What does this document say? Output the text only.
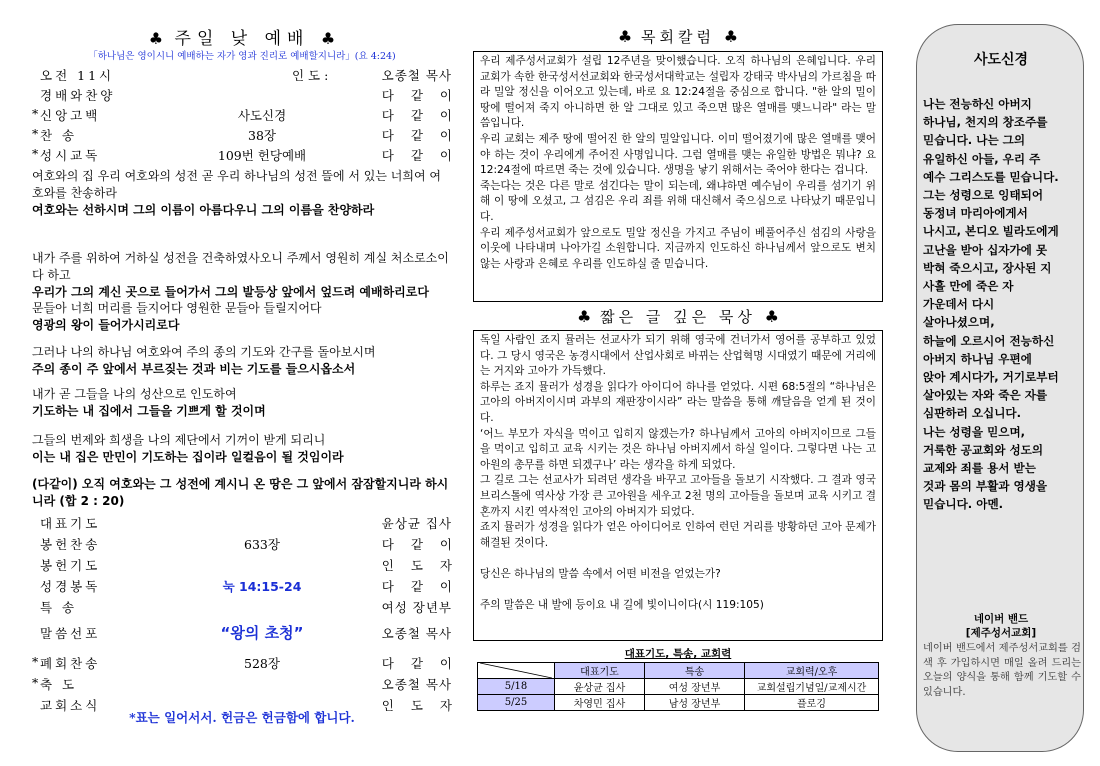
♣ 주일 낮 예배 ♣
「하나님은 영이시니 예배하는 자가 영과 진리로 예배할지니라」(요 4:24)
오전 11시	인 도 :	오종철 목사
경배와찬양	다같이
* 신앙고백	사도신경	다같이
* 찬 송	38장	다같이
* 성시교독	109번 헌당예배	다같이
여호와의 집 우리 여호와의 성전 곧 우리 하나님의 성전 뜰에 서 있는 너희여 여호와를 찬송하라
여호와는 선하시며 그의 이름이 아름다우니 그의 이름을 찬양하라
내가 주를 위하여 거하실 성전을 건축하였사오니 주께서 영원히 계실 처소로소이다 하고
우리가 그의 계신 곳으로 들어가서 그의 발등상 앞에서 엎드려 예배하리로다
문들아 너희 머리를 들지어다 영원한 문들아 들릴지어다
영광의 왕이 들어가시리로다
그러나 나의 하나님 여호와여 주의 종의 기도와 간구를 돌아보시며
주의 종이 주 앞에서 부르짖는 것과 비는 기도를 들으시옵소서
내가 곧 그들을 나의 성산으로 인도하여
기도하는 내 집에서 그들을 기쁘게 할 것이며
그들의 번제와 희생을 나의 제단에서 기꺼이 받게 되리니
이는 내 집은 만민이 기도하는 집이라 일컬음이 될 것임이라
(다같이) 오직 여호와는 그 성전에 계시니 온 땅은 그 앞에서 잠잠할지니라 하시니라 (합 2 : 20)
대표기도	윤상균 집사
봉헌찬송	633장	다같이
봉헌기도	인도자
성경봉독	눅 14:15-24	다같이
특 송	여성 장년부
말씀선포	“왕의 초청”	오종철 목사
* 폐회찬송	528장	다같이
* 축 도	오종철 목사
교회소식	인도자
*표는 일어서서. 헌금은 헌금함에 합니다.
♣ 목회칼럼 ♣

우리 제주성서교회가 설립 12주년을 맞이했습니다. 오직 하나님의 은혜입니다. 우리 교회가 속한 한국성서선교회와 한국성서대학교는 설립자 강태국 박사님의 가르침을 따라 밀알 정신을 이어오고 있는데, 바로 요 12:24절을 중심으로 합니다. "한 알의 밀이 땅에 떨어져 죽지 아니하면 한 알 그대로 있고 죽으면 많은 열매를 맺느니라" 라는 말씀입니다.

우리 교회는 제주 땅에 떨어진 한 알의 밀알입니다. 이미 떨어졌기에 많은 열매를 맺어야 하는 것이 우리에게 주어진 사명입니다. 그럼 열매를 맺는 유일한 방법은 뭐냐? 요 12:24절에 따르면 죽는 것에 있습니다. 생명을 낳기 위해서는 죽어야 한다는 겁니다.

죽는다는 것은 다른 말로 섬긴다는 말이 되는데, 왜냐하면 예수님이 우리를 섬기기 위해 이 땅에 오셨고, 그 섬김은 우리 죄를 위해 대신해서 죽으심으로 나타났기 때문입니다.

우리 제주성서교회가 앞으로도 밀알 정신을 가지고 주님이 베풀어주신 섬김의 사랑을 이웃에 나타내며 나아가길 소원합니다. 지금까지 인도하신 하나님께서 앞으로도 변치 않는 사랑과 은혜로 우리를 인도하실 줄 믿습니다.

♣ 짧은 글 깊은 묵상 ♣

독일 사람인 죠지 뮬러는 선교사가 되기 위해 영국에 건너가서 영어를 공부하고 있었다. 그 당시 영국은 농경시대에서 산업사회로 바뀌는 산업혁명 시대였기 때문에 거리에는 거지와 고아가 가득했다.

하루는 죠지 뮬러가 성경을 읽다가 아이디어 하나를 얻었다. 시편 68:5절의 “하나님은 고아의 아버지이시며 과부의 재판장이시라” 라는 말씀을 통해 깨달음을 얻게 된 것이다.

‘어느 부모가 자식을 먹이고 입히지 않겠는가? 하나님께서 고아의 아버지이므로 그들을 먹이고 입히고 교육 시키는 것은 하나님 아버지께서 하실 일이다. 그렇다면 나는 고아원의 총무를 하면 되겠구나’ 라는 생각을 하게 되었다.

그 길로 그는 선교사가 되려던 생각을 바꾸고 고아들을 돌보기 시작했다. 그 결과 영국 브리스톨에 역사상 가장 큰 고아원을 세우고 2천 명의 고아들을 돌보며 교육 시키고 결혼까지 시킨 역사적인 고아의 아버지가 되었다.

죠지 뮬러가 성경을 읽다가 얻은 아이디어로 인하여 런던 거리를 방황하던 고아 문제가 해결된 것이다.

당신은 하나님의 말씀 속에서 어떤 비전을 얻었는가?

주의 말씀은 내 발에 등이요 내 길에 빛이니이다(시 119:105)

대표기도, 특송, 교회력
	대표기도	특송	교회력/오후
5/18	윤상균 집사	여성 장년부	교회설립기념일/교제시간
5/25	차영민 집사	남성 장년부	플로깅
사도신경
나는 전능하신 아버지
하나님, 천지의 창조주를
믿습니다. 나는 그의
유일하신 아들, 우리 주
예수 그리스도를 믿습니다.
그는 성령으로 잉태되어
동정녀 마리아에게서
나시고, 본디오 빌라도에게
고난을 받아 십자가에 못
박혀 죽으시고, 장사된 지
사흘 만에 죽은 자
가운데서 다시
살아나셨으며,
하늘에 오르시어 전능하신
아버지 하나님 우편에
앉아 계시다가, 거기로부터
살아있는 자와 죽은 자를
심판하러 오십니다.
나는 성령을 믿으며,
거룩한 공교회와 성도의
교제와 죄를 용서 받는
것과 몸의 부활과 영생을
믿습니다. 아멘.
네이버 밴드
[제주성서교회]
네이버 밴드에서 제주성서교회를 검색 후 가입하시면 매일 올려 드리는 오늘의 양식을 통해 함께 기도할 수 있습니다.
